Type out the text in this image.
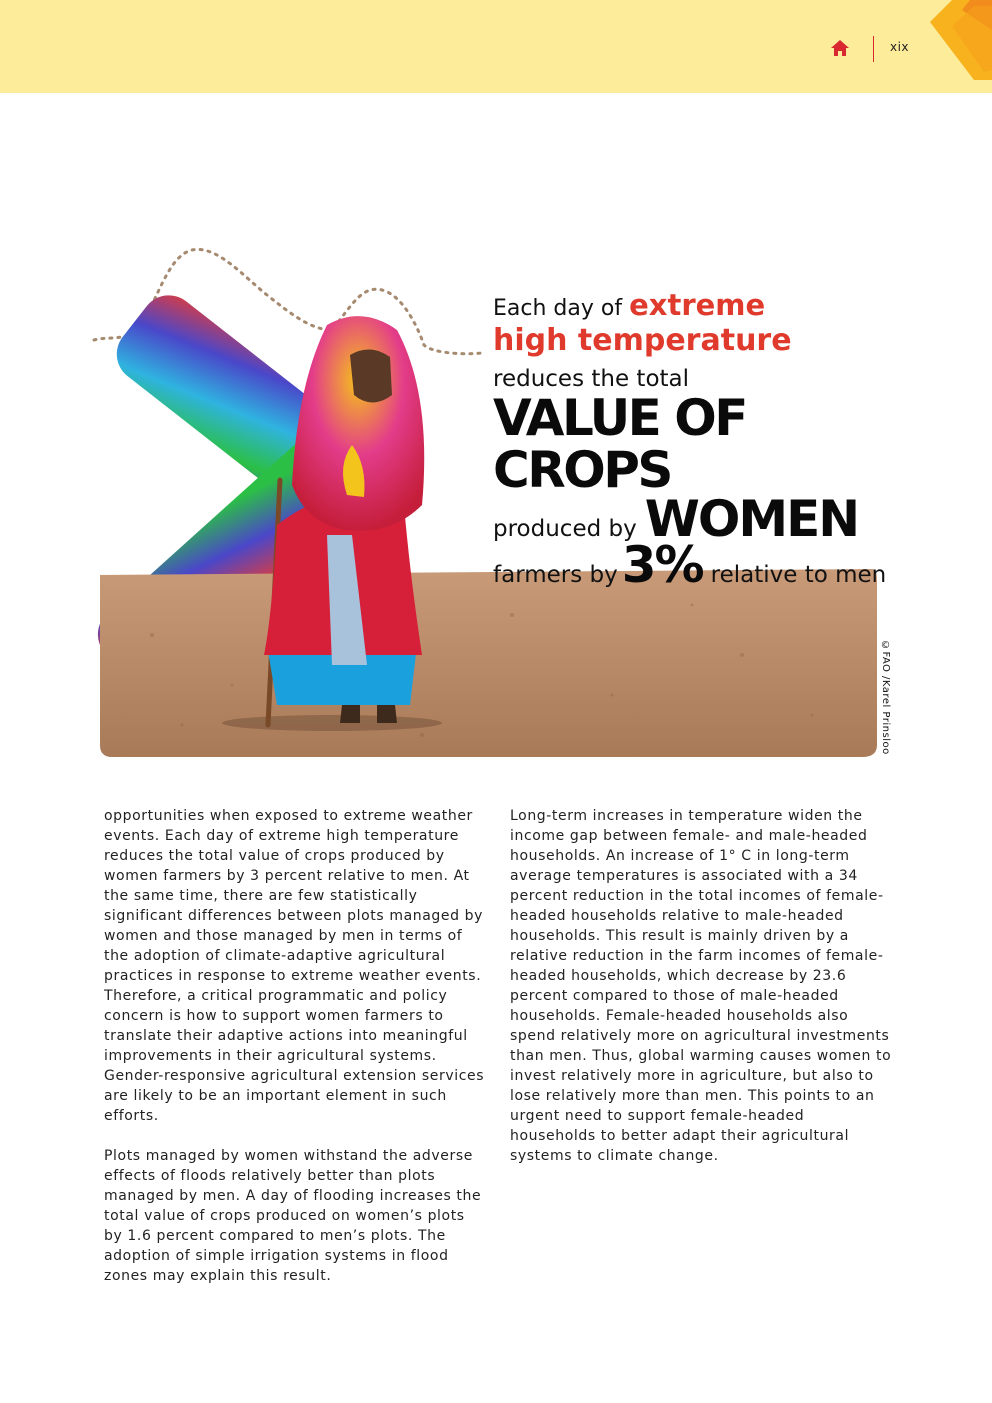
xix
Each day of extreme
high temperature
reduces the total
VALUE OF CROPS
produced by WOMEN
farmers by 3% relative to men
©FAO /Karel Prinsloo

opportunities when exposed to extreme weather events. Each day of extreme high temperature reduces the total value of crops produced by women farmers by 3 percent relative to men. At the same time, there are few statistically significant differences between plots managed by women and those managed by men in terms of the adoption of climate-adaptive agricultural practices in response to extreme weather events. Therefore, a critical programmatic and policy concern is how to support women farmers to translate their adaptive actions into meaningful improvements in their agricultural systems. Gender-responsive agricultural extension services are likely to be an important element in such efforts.

Plots managed by women withstand the adverse effects of floods relatively better than plots managed by men. A day of flooding increases the total value of crops produced on women’s plots by 1.6 percent compared to men’s plots. The adoption of simple irrigation systems in flood zones may explain this result.

Long-term increases in temperature widen the income gap between female- and male-headed households. An increase of 1° C in long-term average temperatures is associated with a 34 percent reduction in the total incomes of female-headed households relative to male-headed households. This result is mainly driven by a relative reduction in the farm incomes of female-headed households, which decrease by 23.6 percent compared to those of male-headed households. Female-headed households also spend relatively more on agricultural investments than men. Thus, global warming causes women to invest relatively more in agriculture, but also to lose relatively more than men. This points to an urgent need to support female-headed households to better adapt their agricultural systems to climate change.
